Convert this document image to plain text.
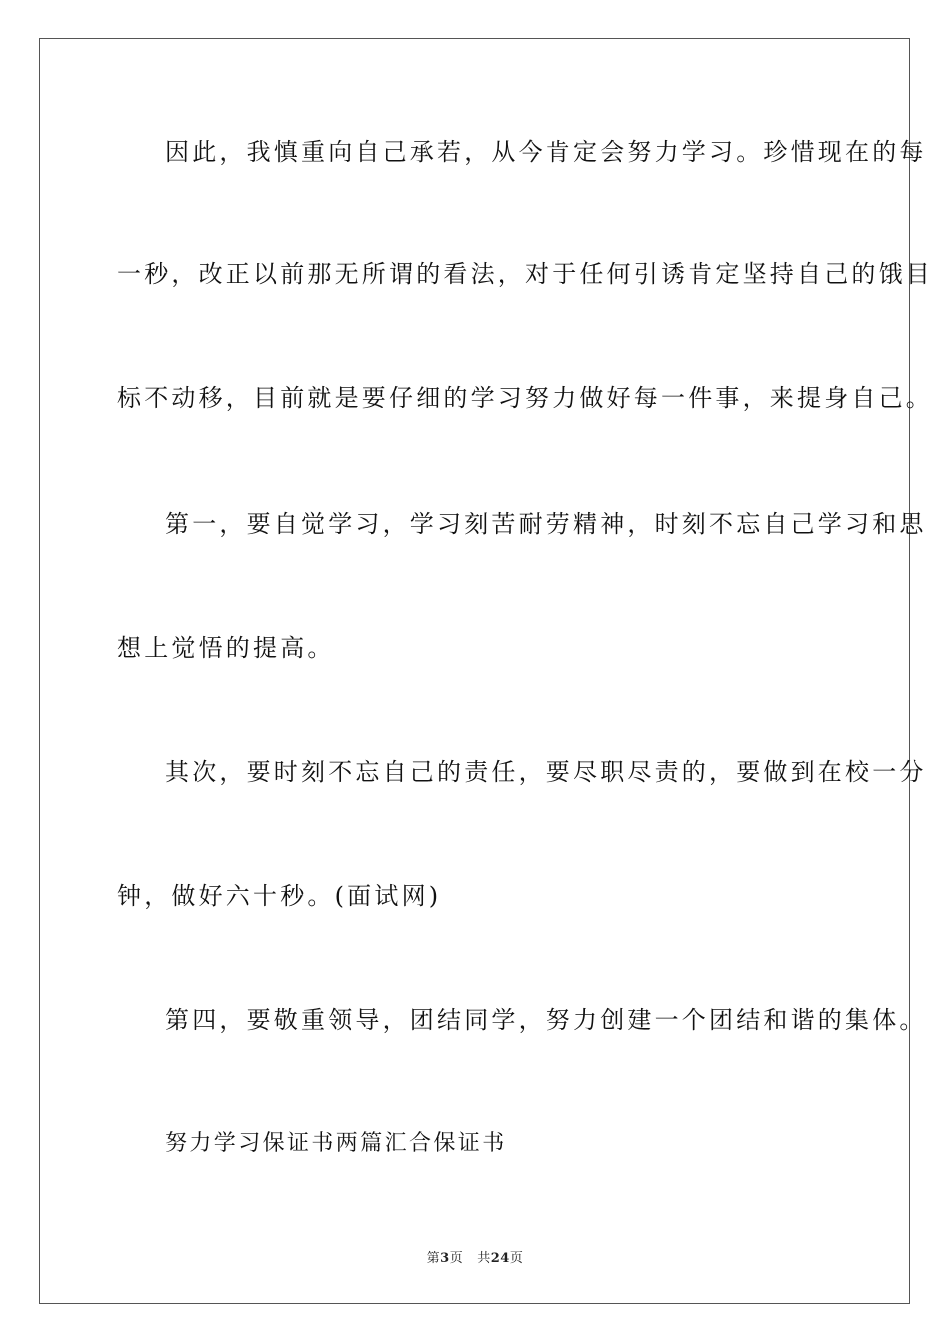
因此，我慎重向自己承若，从今肯定会努力学习。珍惜现在的每
一秒，改正以前那无所谓的看法，对于任何引诱肯定坚持自己的饿目
标不动移，目前就是要仔细的学习努力做好每一件事，来提身自己。
第一，要自觉学习，学习刻苦耐劳精神，时刻不忘自己学习和思
想上觉悟的提高。
其次，要时刻不忘自己的责任，要尽职尽责的，要做到在校一分
钟，做好六十秒。(面试网)
第四，要敬重领导，团结同学，努力创建一个团结和谐的集体。
努力学习保证书两篇汇合保证书
第3页 共24页
